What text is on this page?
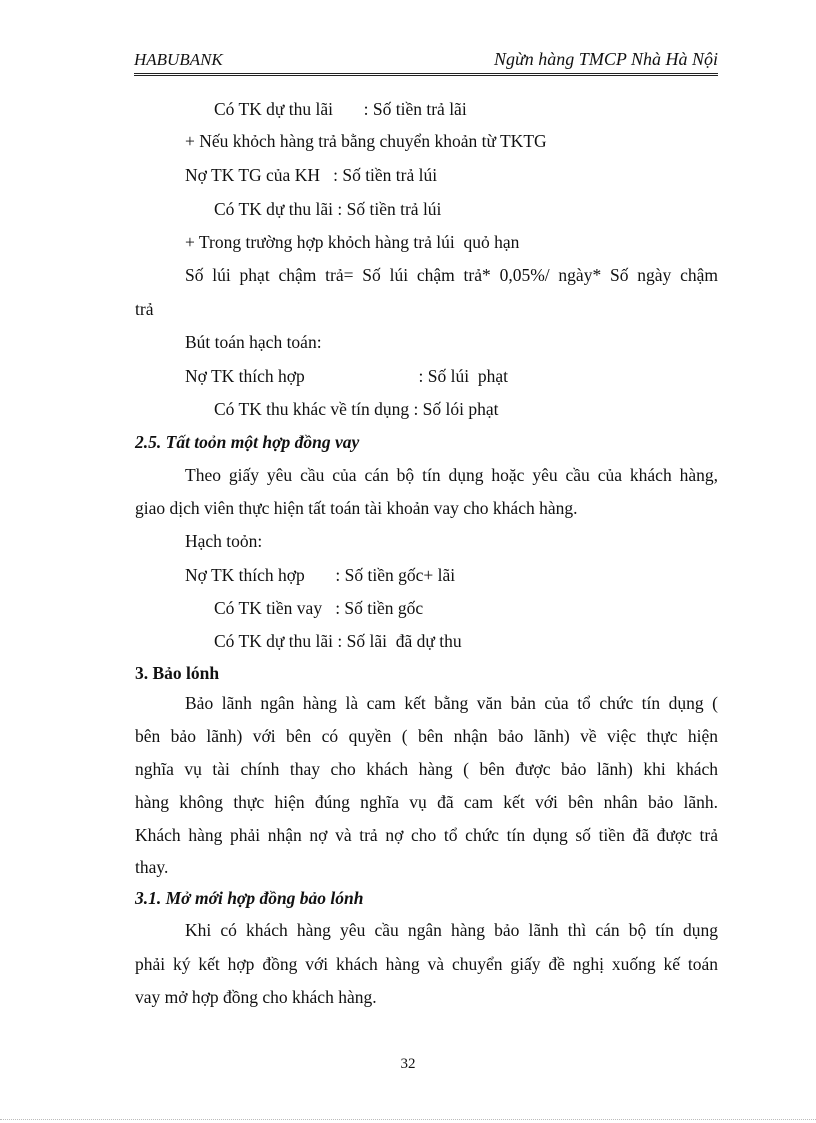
HABUBANK	Ngừn hàng TMCP Nhà Hà Nội
Có TK dự thu lãi       : Số tiền trả lãi
+ Nếu khỏch hàng trả bằng chuyển khoản từ TKTG
Nợ TK TG của KH   : Số tiền trả lúi
Có TK dự thu lãi : Số tiền trả lúi
+ Trong trường hợp khỏch hàng trả lúi  quỏ hạn
Số lúi phạt chậm trả= Số lúi chậm trả* 0,05%/ ngày* Số ngày chậm
trả
Bút toán hạch toán:
Nợ TK thích hợp                          : Số lúi  phạt
Có TK thu khác về tín dụng : Số lói phạt
2.5. Tất toỏn một hợp đồng vay
Theo giấy yêu cầu của cán bộ tín dụng hoặc yêu cầu của khách hàng,
giao dịch viên thực hiện tất toán tài khoản vay cho khách hàng.
Hạch toỏn:
Nợ TK thích hợp       : Số tiền gốc+ lãi
Có TK tiền vay   : Số tiền gốc
Có TK dự thu lãi : Số lãi  đã dự thu
3. Bảo lónh
Bảo lãnh ngân hàng là cam kết bằng văn bản của tổ chức tín dụng (
bên bảo lãnh) với bên có quyền ( bên nhận bảo lãnh) về việc thực hiện
nghĩa vụ tài chính thay cho khách hàng ( bên được bảo lãnh) khi khách
hàng không thực hiện đúng nghĩa vụ đã cam kết với bên nhân bảo lãnh.
Khách hàng phải nhận nợ và trả nợ cho tổ chức tín dụng số tiền đã được trả
thay.
3.1. Mở mới hợp đồng bảo lónh
Khi có khách hàng yêu cầu ngân hàng bảo lãnh thì cán bộ tín dụng
phải ký kết hợp đồng với khách hàng và chuyển giấy đề nghị xuống kế toán
vay mở hợp đồng cho khách hàng.
32
